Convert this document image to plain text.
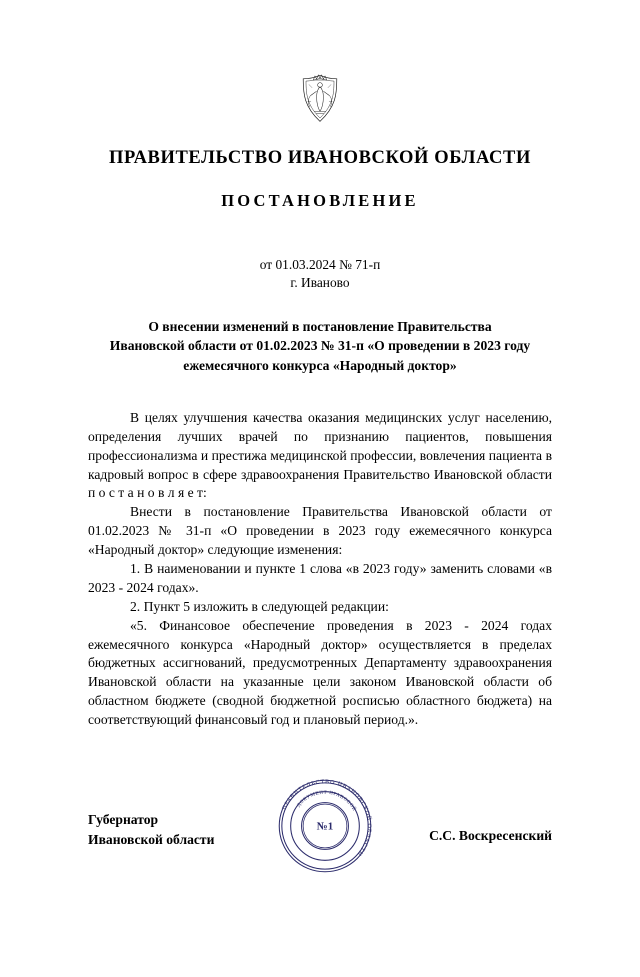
ПРАВИТЕЛЬСТВО ИВАНОВСКОЙ ОБЛАСТИ
ПОСТАНОВЛЕНИЕ
от 01.03.2024 № 71-п
г. Иваново
О внесении изменений в постановление Правительства
Ивановской области от 01.02.2023 № 31-п «О проведении в 2023 году
ежемесячного конкурса «Народный доктор»

В целях улучшения качества оказания медицинских услуг населению, определения лучших врачей по признанию пациентов, повышения профессионализма и престижа медицинской профессии, вовлечения пациента в кадровый вопрос в сфере здравоохранения Правительство Ивановской области п о с т а н о в л я е т:

Внести в постановление Правительства Ивановской области от 01.02.2023 № 31-п «О проведении в 2023 году ежемесячного конкурса «Народный доктор» следующие изменения:

1. В наименовании и пункте 1 слова «в 2023 году» заменить словами «в 2023 - 2024 годах».

2. Пункт 5 изложить в следующей редакции:

«5. Финансовое обеспечение проведения в 2023 - 2024 годах ежемесячного конкурса «Народный доктор» осуществляется в пределах бюджетных ассигнований, предусмотренных Департаменту здравоохранения Ивановской области на указанные цели законом Ивановской области об областном бюджете (сводной бюджетной росписью областного бюджета) на соответствующий финансовый год и плановый период.».

ПРАВИТЕЛЬСТВО ИВАНОВСКОЙ ОБЛАСТИ
ДОКУМЕНТ ПРАВОВОЙ
№1
Губернатор
Ивановской области	С.С. Воскресенский
